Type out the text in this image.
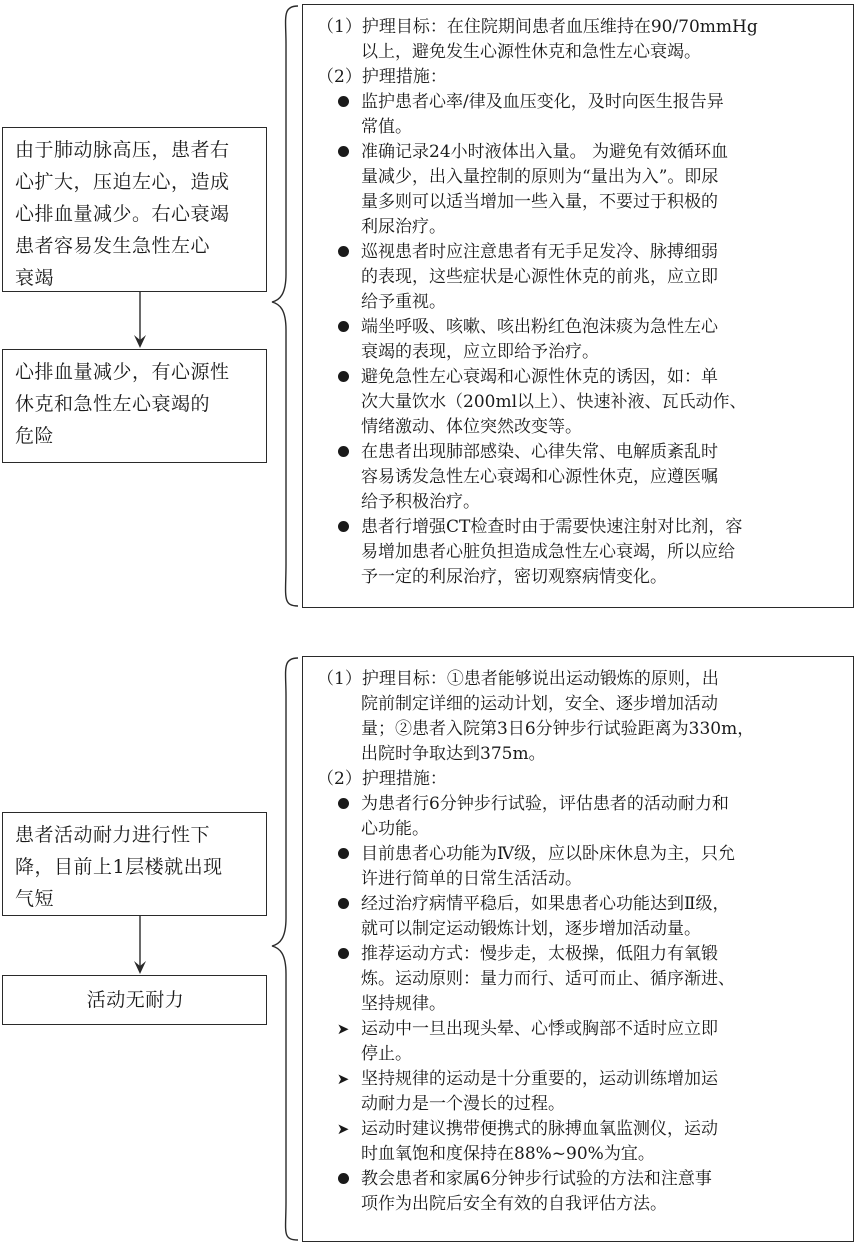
由于肺动脉高压，患者右
心扩大，压迫左心，造成
心排血量减少。右心衰竭
患者容易发生急性左心
衰竭
心排血量减少，有心源性
休克和急性左心衰竭的
危险
（1）护理目标：在住院期间患者血压维持在90/70mmHg
以上，避免发生心源性休克和急性左心衰竭。
（2）护理措施：
监护患者心率/律及血压变化，及时向医生报告异
常值。
准确记录24小时液体出入量。 为避免有效循环血
量减少，出入量控制的原则为“量出为入”。即尿
量多则可以适当增加一些入量，不要过于积极的
利尿治疗。
巡视患者时应注意患者有无手足发冷、脉搏细弱
的表现，这些症状是心源性休克的前兆，应立即
给予重视。
端坐呼吸、咳嗽、咳出粉红色泡沫痰为急性左心
衰竭的表现，应立即给予治疗。
避免急性左心衰竭和心源性休克的诱因，如：单
次大量饮水（200ml以上）、快速补液、瓦氏动作、
情绪激动、体位突然改变等。
在患者出现肺部感染、心律失常、电解质紊乱时
容易诱发急性左心衰竭和心源性休克，应遵医嘱
给予积极治疗。
患者行增强CT检查时由于需要快速注射对比剂，容
易增加患者心脏负担造成急性左心衰竭，所以应给
予一定的利尿治疗，密切观察病情变化。
患者活动耐力进行性下
降，目前上1层楼就出现
气短
活动无耐力
（1）护理目标：①患者能够说出运动锻炼的原则，出
院前制定详细的运动计划，安全、逐步增加活动
量；②患者入院第3日6分钟步行试验距离为330m，
出院时争取达到375m。
（2）护理措施：
为患者行6分钟步行试验，评估患者的活动耐力和
心功能。
目前患者心功能为Ⅳ级，应以卧床休息为主，只允
许进行简单的日常生活活动。
经过治疗病情平稳后，如果患者心功能达到Ⅱ级，
就可以制定运动锻炼计划，逐步增加活动量。
推荐运动方式：慢步走，太极操，低阻力有氧锻
炼。运动原则：量力而行、适可而止、循序渐进、
坚持规律。
➤ 运动中一旦出现头晕、心悸或胸部不适时应立即
停止。
➤ 坚持规律的运动是十分重要的，运动训练增加运
动耐力是一个漫长的过程。
➤ 运动时建议携带便携式的脉搏血氧监测仪，运动
时血氧饱和度保持在88%~90%为宜。
教会患者和家属6分钟步行试验的方法和注意事
项作为出院后安全有效的自我评估方法。
